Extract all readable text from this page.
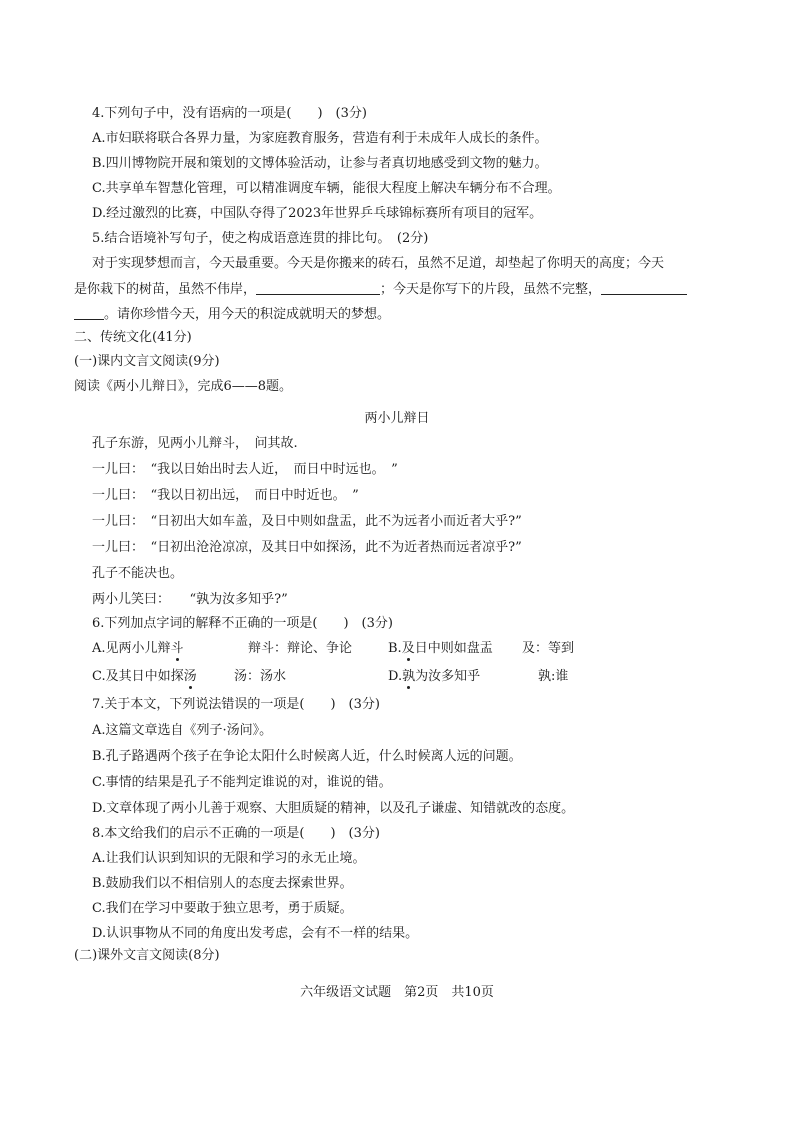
4.下列句子中，没有语病的一项是(　　)　(3分)
A.市妇联将联合各界力量，为家庭教育服务，营造有利于未成年人成长的条件。
B.四川博物院开展和策划的文博体验活动，让参与者真切地感受到文物的魅力。
C.共享单车智慧化管理，可以精准调度车辆，能很大程度上解决车辆分布不合理。
D.经过激烈的比赛，中国队夺得了2023年世界乒乓球锦标赛所有项目的冠军。
5.结合语境补写句子，使之构成语意连贯的排比句。　(2分)
对于实现梦想而言，今天最重要。今天是你搬来的砖石，虽然不足道，却垫起了你明天的高度；今天
是你栽下的树苗，虽然不伟岸，	；今天是你写下的片段，虽然不完整，
。请你珍惜今天，用今天的积淀成就明天的梦想。
二、传统文化(41分)
(一)课内文言文阅读(9分)
阅读《两小儿辩日》，完成6——8题。
两小儿辩日
孔子东游，见两小儿辩斗，　问其故.
一儿曰：　“我以日始出时去人近，　而日中时远也。　”
一儿曰：　“我以日初出远，　而日中时近也。　”
一儿曰：　“日初出大如车盖，及日中则如盘盂，此不为远者小而近者大乎?”
一儿曰：　“日初出沧沧凉凉，及其日中如探汤，此不为近者热而远者凉乎?”
孔子不能决也。
两小儿笑曰：　　“孰为汝多知乎?”
6.下列加点字词的解释不正确的一项是(　　)　(3分)
A.见两小儿辩斗	辩斗：辩论、争论	B.及日中则如盘盂 及：等到
C.及其日中如探汤	汤：汤水	D.孰为汝多知乎	孰:谁
7.关于本文，下列说法错误的一项是(　　)　(3分)
A.这篇文章选自《列子·汤问》。
B.孔子路遇两个孩子在争论太阳什么时候离人近，什么时候离人远的问题。
C.事情的结果是孔子不能判定谁说的对，谁说的错。
D.文章体现了两小儿善于观察、大胆质疑的精神，以及孔子谦虚、知错就改的态度。
8.本文给我们的启示不正确的一项是(　　)　(3分)
A.让我们认识到知识的无限和学习的永无止境。
B.鼓励我们以不相信别人的态度去探索世界。
C.我们在学习中要敢于独立思考，勇于质疑。
D.认识事物从不同的角度出发考虑，会有不一样的结果。
(二)课外文言文阅读(8分)
六年级语文试题　第2页　共10页
